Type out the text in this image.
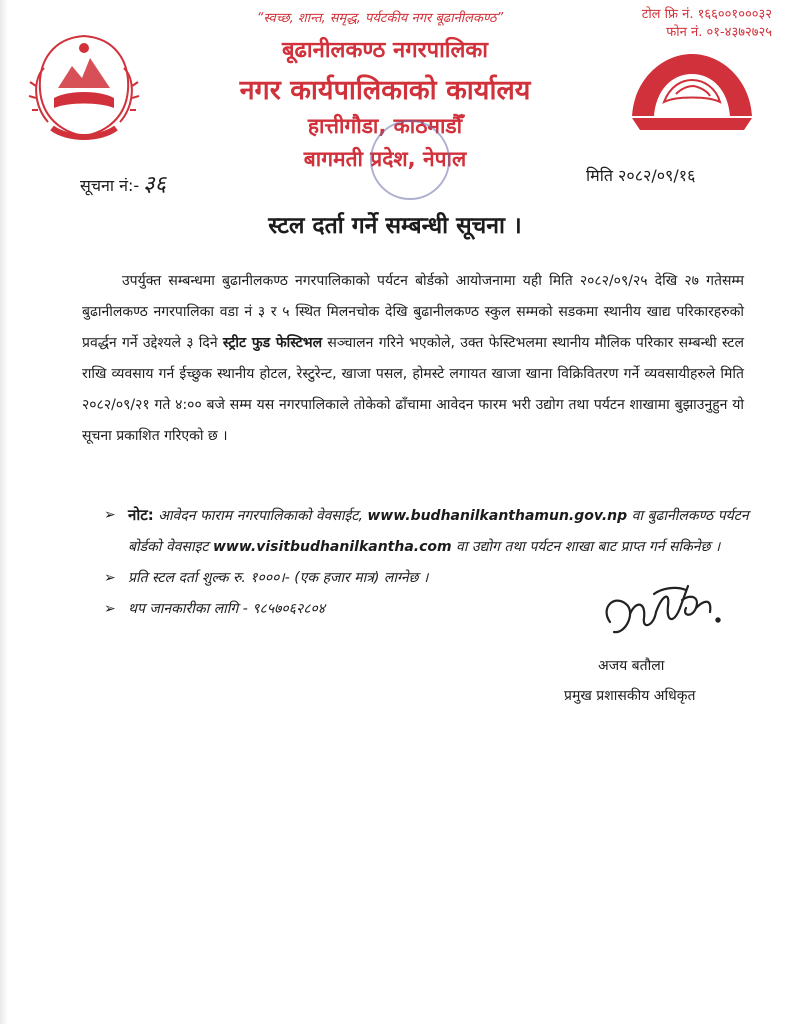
“स्वच्छ, शान्त, समृद्ध, पर्यटकीय नगर बूढानीलकण्ठ”
बूढानीलकण्ठ नगरपालिका
नगर कार्यपालिकाको कार्यालय
हात्तीगौडा, काठमाडौँ
बागमती प्रदेश, नेपाल
टोल फ्रि नं. १६६००१०००३२
फोन नं. ०१-४३७२७२५
सूचना नं:- ३६	मिति २०८२/०९/१६
स्टल दर्ता गर्ने सम्बन्धी सूचना ।
उपर्युक्त सम्बन्धमा बुढानीलकण्ठ नगरपालिकाको पर्यटन बोर्डको आयोजनामा यही मिति २०८२/०९/२५ देखि २७ गतेसम्म बुढानीलकण्ठ नगरपालिका वडा नं ३ र ५ स्थित मिलनचोक देखि बुढानीलकण्ठ स्कुल सम्मको सडकमा स्थानीय खाद्य परिकारहरुको प्रवर्द्धन गर्ने उद्देश्यले ३ दिने स्ट्रीट फुड फेस्टिभल सञ्चालन गरिने भएकोले, उक्त फेस्टिभलमा स्थानीय मौलिक परिकार सम्बन्धी स्टल राखि व्यवसाय गर्न ईच्छुक स्थानीय होटल, रेस्टुरेन्ट, खाजा पसल, होमस्टे लगायत खाजा खाना विक्रिवितरण गर्ने व्यवसायीहरुले मिति २०८२/०९/२१ गते ४:०० बजे सम्म यस नगरपालिकाले तोकेको ढाँचामा आवेदन फारम भरी उद्योग तथा पर्यटन शाखामा बुझाउनुहुन यो सूचना प्रकाशित गरिएको छ ।
➢ नोट: आवेदन फाराम नगरपालिकाको वेवसाईट, www.budhanilkanthamun.gov.np वा बुढानीलकण्ठ पर्यटन बोर्डको वेवसाइट www.visitbudhanilkantha.com वा उद्योग तथा पर्यटन शाखा बाट प्राप्त गर्न सकिनेछ ।
➢ प्रति स्टल दर्ता शुल्क रु. १०००।- (एक हजार मात्र) लाग्नेछ ।
➢ थप जानकारीका लागि - ९८५७०६२८०४
अजय बतौला
प्रमुख प्रशासकीय अधिकृत
